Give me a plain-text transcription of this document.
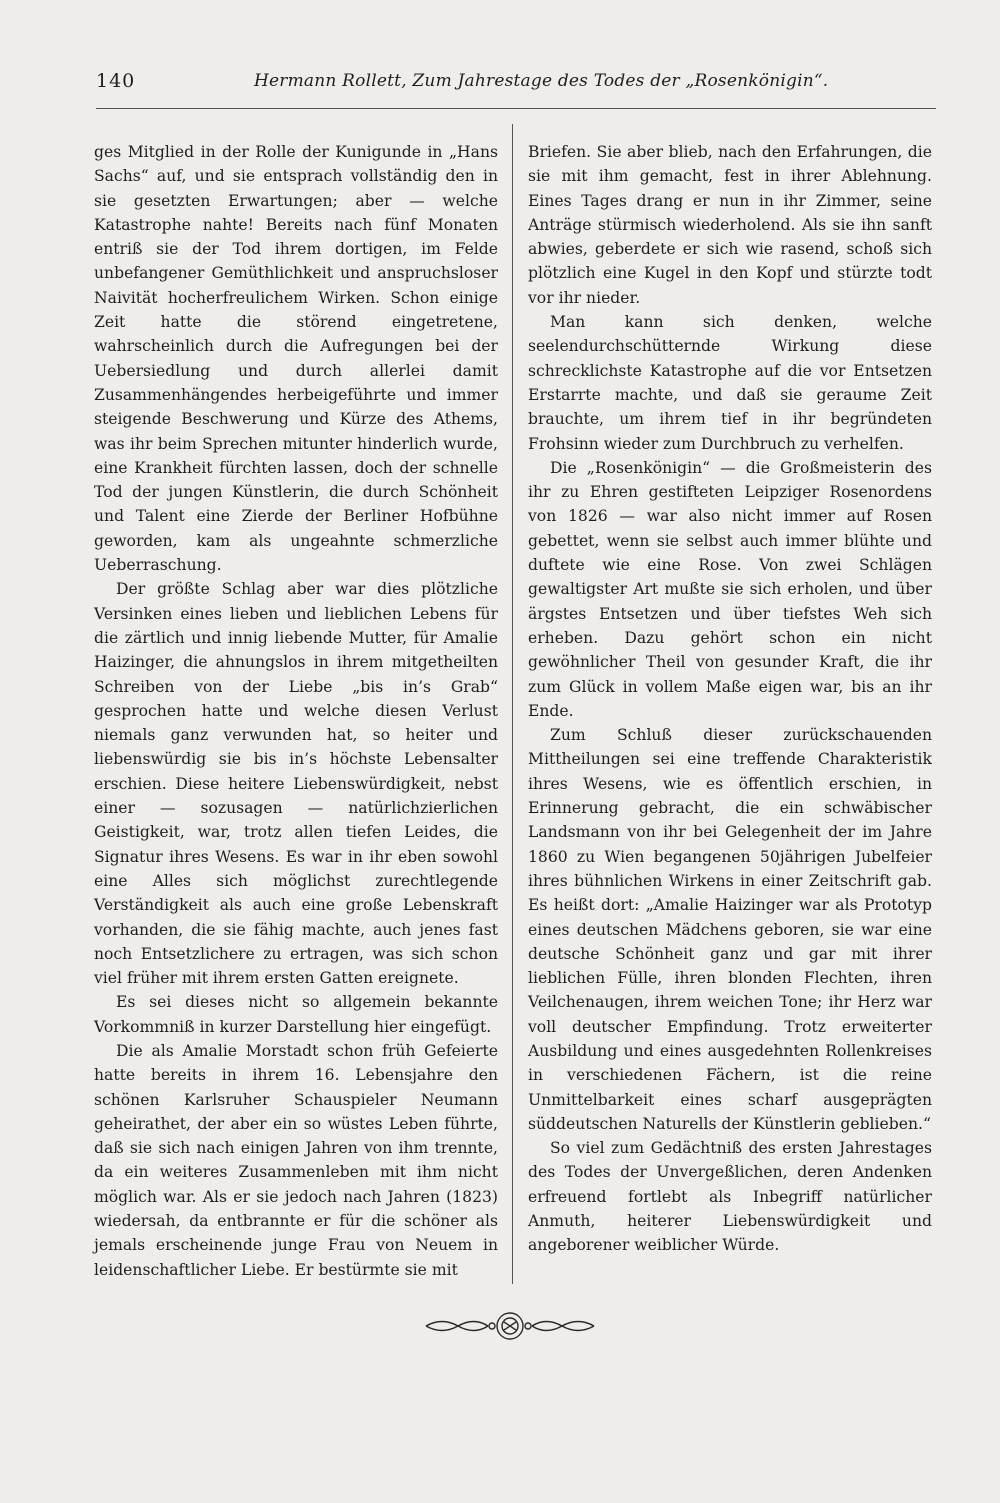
140	Hermann Rollett, Zum Jahrestage des Todes der „Rosenkönigin“.

ges Mitglied in der Rolle der Kunigunde in „Hans Sachs“ auf, und sie entsprach vollständig den in sie gesetzten Erwartungen; aber — welche Katastrophe nahte! Bereits nach fünf Monaten entriß sie der Tod ihrem dortigen, im Felde unbefangener Gemüthlichkeit und anspruchsloser Naivität hocherfreulichem Wirken. Schon einige Zeit hatte die störend eingetretene, wahrscheinlich durch die Aufregungen bei der Uebersiedlung und durch allerlei damit Zusammenhängendes herbeigeführte und immer steigende Beschwerung und Kürze des Athems, was ihr beim Sprechen mitunter hinderlich wurde, eine Krankheit fürchten lassen, doch der schnelle Tod der jungen Künstlerin, die durch Schönheit und Talent eine Zierde der Berliner Hofbühne geworden, kam als ungeahnte schmerzliche Ueberraschung.

Der größte Schlag aber war dies plötzliche Versinken eines lieben und lieblichen Lebens für die zärtlich und innig liebende Mutter, für Amalie Haizinger, die ahnungslos in ihrem mitgetheilten Schreiben von der Liebe „bis in’s Grab“ gesprochen hatte und welche diesen Verlust niemals ganz verwunden hat, so heiter und liebenswürdig sie bis in’s höchste Lebensalter erschien. Diese heitere Liebenswürdigkeit, nebst einer — sozusagen — natürlichzierlichen Geistigkeit, war, trotz allen tiefen Leides, die Signatur ihres Wesens. Es war in ihr eben sowohl eine Alles sich möglichst zurechtlegende Verständigkeit als auch eine große Lebenskraft vorhanden, die sie fähig machte, auch jenes fast noch Entsetzlichere zu ertragen, was sich schon viel früher mit ihrem ersten Gatten ereignete.

Es sei dieses nicht so allgemein bekannte Vorkommniß in kurzer Darstellung hier eingefügt.

Die als Amalie Morstadt schon früh Gefeierte hatte bereits in ihrem 16. Lebensjahre den schönen Karlsruher Schauspieler Neumann geheirathet, der aber ein so wüstes Leben führte, daß sie sich nach einigen Jahren von ihm trennte, da ein weiteres Zusammenleben mit ihm nicht möglich war. Als er sie jedoch nach Jahren (1823) wiedersah, da entbrannte er für die schöner als jemals erscheinende junge Frau von Neuem in leidenschaftlicher Liebe. Er bestürmte sie mit

Briefen. Sie aber blieb, nach den Erfahrungen, die sie mit ihm gemacht, fest in ihrer Ablehnung. Eines Tages drang er nun in ihr Zimmer, seine Anträge stürmisch wiederholend. Als sie ihn sanft abwies, geberdete er sich wie rasend, schoß sich plötzlich eine Kugel in den Kopf und stürzte todt vor ihr nieder.

Man kann sich denken, welche seelendurchschütternde Wirkung diese schrecklichste Katastrophe auf die vor Entsetzen Erstarrte machte, und daß sie geraume Zeit brauchte, um ihrem tief in ihr begründeten Frohsinn wieder zum Durchbruch zu verhelfen.

Die „Rosenkönigin“ — die Großmeisterin des ihr zu Ehren gestifteten Leipziger Rosenordens von 1826 — war also nicht immer auf Rosen gebettet, wenn sie selbst auch immer blühte und duftete wie eine Rose. Von zwei Schlägen gewaltigster Art mußte sie sich erholen, und über ärgstes Entsetzen und über tiefstes Weh sich erheben. Dazu gehört schon ein nicht gewöhnlicher Theil von gesunder Kraft, die ihr zum Glück in vollem Maße eigen war, bis an ihr Ende.

Zum Schluß dieser zurückschauenden Mittheilungen sei eine treffende Charakteristik ihres Wesens, wie es öffentlich erschien, in Erinnerung gebracht, die ein schwäbischer Landsmann von ihr bei Gelegenheit der im Jahre 1860 zu Wien begangenen 50jährigen Jubelfeier ihres bühnlichen Wirkens in einer Zeitschrift gab. Es heißt dort: „Amalie Haizinger war als Prototyp eines deutschen Mädchens geboren, sie war eine deutsche Schönheit ganz und gar mit ihrer lieblichen Fülle, ihren blonden Flechten, ihren Veilchenaugen, ihrem weichen Tone; ihr Herz war voll deutscher Empfindung. Trotz erweiterter Ausbildung und eines ausgedehnten Rollenkreises in verschiedenen Fächern, ist die reine Unmittelbarkeit eines scharf ausgeprägten süddeutschen Naturells der Künstlerin geblieben.“

So viel zum Gedächtniß des ersten Jahrestages des Todes der Unvergeßlichen, deren Andenken erfreuend fortlebt als Inbegriff natürlicher Anmuth, heiterer Liebenswürdigkeit und angeborener weiblicher Würde.
